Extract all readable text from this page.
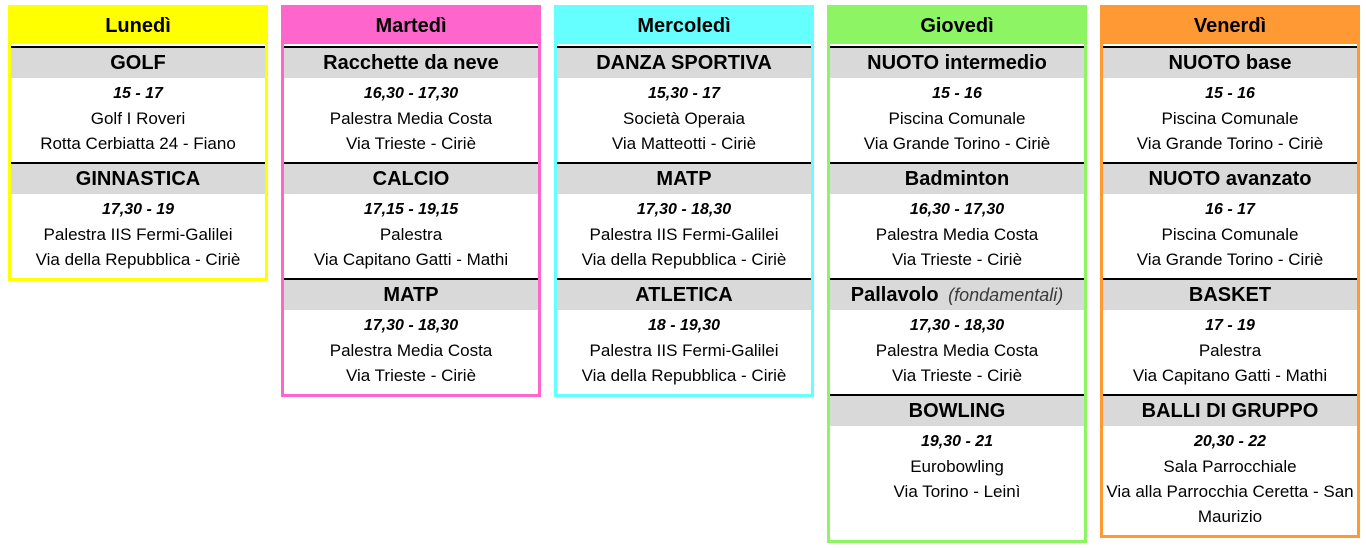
Lunedì
GOLF
15 - 17
Golf I Roveri
Rotta Cerbiatta 24 - Fiano
GINNASTICA
17,30 - 19
Palestra IIS Fermi-Galilei
Via della Repubblica - Ciriè
Martedì
Racchette da neve
16,30 - 17,30
Palestra Media Costa
Via Trieste - Ciriè
CALCIO
17,15 - 19,15
Palestra
Via Capitano Gatti - Mathi
MATP
17,30 - 18,30
Palestra Media Costa
Via Trieste - Ciriè
Mercoledì
DANZA SPORTIVA
15,30 - 17
Società Operaia
Via Matteotti - Ciriè
MATP
17,30 - 18,30
Palestra IIS Fermi-Galilei
Via della Repubblica - Ciriè
ATLETICA
18 - 19,30
Palestra IIS Fermi-Galilei
Via della Repubblica - Ciriè
Giovedì
NUOTO intermedio
15 - 16
Piscina Comunale
Via Grande Torino - Ciriè
Badminton
16,30 - 17,30
Palestra Media Costa
Via Trieste - Ciriè
Pallavolo (fondamentali)
17,30 - 18,30
Palestra Media Costa
Via Trieste - Ciriè
BOWLING
19,30 - 21
Eurobowling
Via Torino - Leinì
Venerdì
NUOTO base
15 - 16
Piscina Comunale
Via Grande Torino - Ciriè
NUOTO avanzato
16 - 17
Piscina Comunale
Via Grande Torino - Ciriè
BASKET
17 - 19
Palestra
Via Capitano Gatti - Mathi
BALLI DI GRUPPO
20,30 - 22
Sala Parrocchiale
Via alla Parrocchia Ceretta - San Maurizio
